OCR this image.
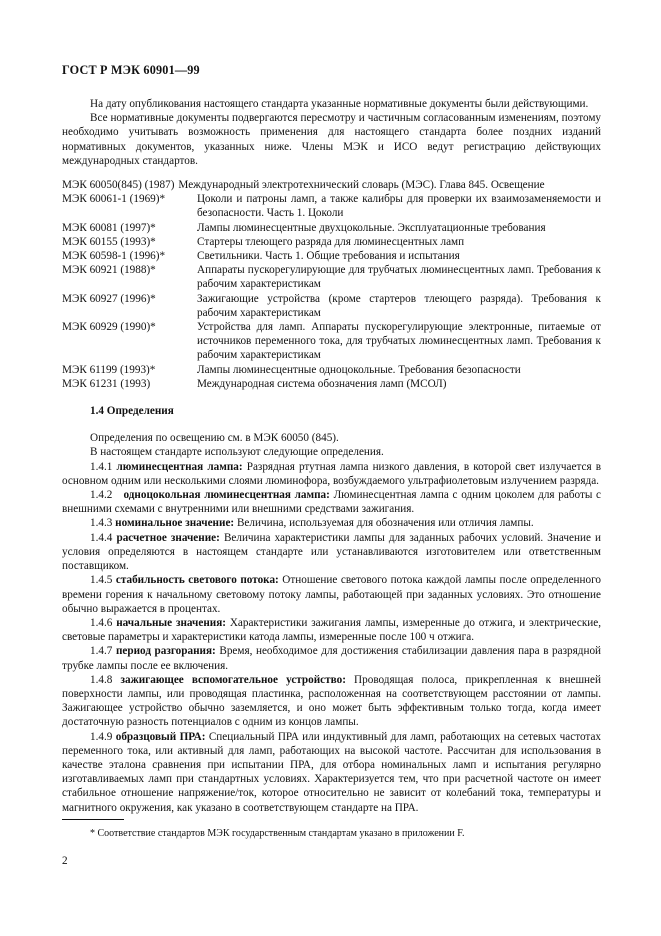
ГОСТ Р МЭК 60901—99

На дату опубликования настоящего стандарта указанные нормативные документы были действующими.

Все нормативные документы подвергаются пересмотру и частичным согласованным изменениям, поэтому необходимо учитывать возможность применения для настоящего стандарта более поздних изданий нормативных документов, указанных ниже. Члены МЭК и ИСО ведут регистрацию действующих международных стандартов.

МЭК 60050(845) (1987) Международный электротехнический словарь (МЭС). Глава 845. Освещение
МЭК 60061-1 (1969)*	Цоколи и патроны ламп, а также калибры для проверки их взаимозаменяемости и безопасности. Часть 1. Цоколи
МЭК 60081 (1997)*	Лампы люминесцентные двухцокольные. Эксплуатационные требования
МЭК 60155 (1993)*	Стартеры тлеющего разряда для люминесцентных ламп
МЭК 60598-1 (1996)*	Светильники. Часть 1. Общие требования и испытания
МЭК 60921 (1988)*	Аппараты пускорегулирующие для трубчатых люминесцентных ламп. Требования к рабочим характеристикам
МЭК 60927 (1996)*	Зажигающие устройства (кроме стартеров тлеющего разряда). Требования к рабочим характеристикам
МЭК 60929 (1990)*	Устройства для ламп. Аппараты пускорегулирующие электронные, питаемые от источников переменного тока, для трубчатых люминесцентных ламп. Требования к рабочим характеристикам
МЭК 61199 (1993)*	Лампы люминесцентные одноцокольные. Требования безопасности
МЭК 61231 (1993)	Международная система обозначения ламп (МСОЛ)
1.4 Определения

Определения по освещению см. в МЭК 60050 (845).

В настоящем стандарте используют следующие определения.

1.4.1 люминесцентная лампа: Разрядная ртутная лампа низкого давления, в которой свет излучается в основном одним или несколькими слоями люминофора, возбуждаемого ультрафиолетовым излучением разряда.

1.4.2 одноцокольная люминесцентная лампа: Люминесцентная лампа с одним цоколем для работы с внешними схемами с внутренними или внешними средствами зажигания.

1.4.3 номинальное значение: Величина, используемая для обозначения или отличия лампы.

1.4.4 расчетное значение: Величина характеристики лампы для заданных рабочих условий. Значение и условия определяются в настоящем стандарте или устанавливаются изготовителем или ответственным поставщиком.

1.4.5 стабильность светового потока: Отношение светового потока каждой лампы после определенного времени горения к начальному световому потоку лампы, работающей при заданных условиях. Это отношение обычно выражается в процентах.

1.4.6 начальные значения: Характеристики зажигания лампы, измеренные до отжига, и электрические, световые параметры и характеристики катода лампы, измеренные после 100 ч отжига.

1.4.7 период разгорания: Время, необходимое для достижения стабилизации давления пара в разрядной трубке лампы после ее включения.

1.4.8 зажигающее вспомогательное устройство: Проводящая полоса, прикрепленная к внешней поверхности лампы, или проводящая пластинка, расположенная на соответствующем расстоянии от лампы. Зажигающее устройство обычно заземляется, и оно может быть эффективным только тогда, когда имеет достаточную разность потенциалов с одним из концов лампы.

1.4.9 образцовый ПРА: Специальный ПРА или индуктивный для ламп, работающих на сетевых частотах переменного тока, или активный для ламп, работающих на высокой частоте. Рассчитан для использования в качестве эталона сравнения при испытании ПРА, для отбора номинальных ламп и испытания регулярно изготавливаемых ламп при стандартных условиях. Характеризуется тем, что при расчетной частоте он имеет стабильное отношение напряжение/ток, которое относительно не зависит от колебаний тока, температуры и магнитного окружения, как указано в соответствующем стандарте на ПРА.

* Соответствие стандартов МЭК государственным стандартам указано в приложении F.
2
